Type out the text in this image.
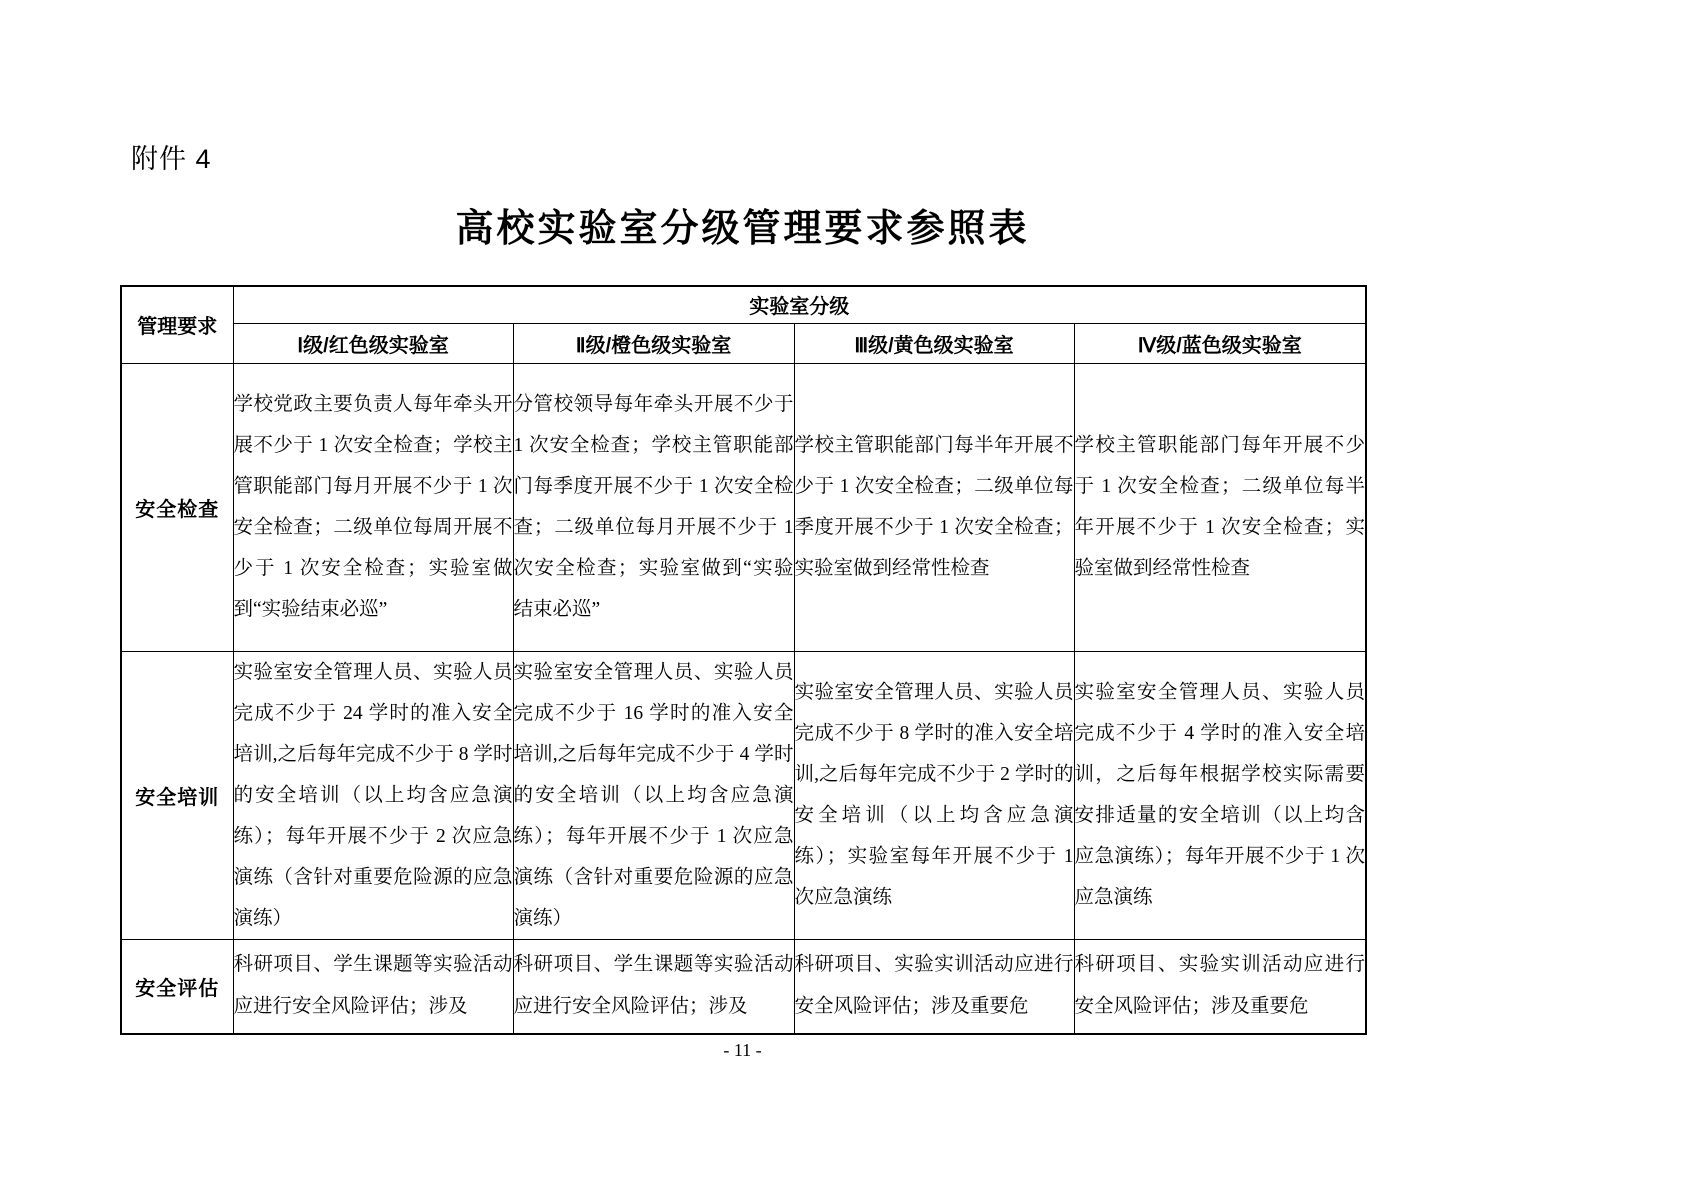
附件 4
高校实验室分级管理要求参照表
管理要求	实验室分级			
	Ⅰ级/红色级实验室	Ⅱ级/橙色级实验室	Ⅲ级/黄色级实验室	Ⅳ级/蓝色级实验室
安全检查	学校党政主要负责人每年牵头开展不少于 1 次安全检查；学校主管职能部门每月开展不少于 1 次安全检查；二级单位每周开展不少于 1 次安全检查；实验室做到“实验结束必巡”	分管校领导每年牵头开展不少于 1 次安全检查；学校主管职能部门每季度开展不少于 1 次安全检查；二级单位每月开展不少于 1 次安全检查；实验室做到“实验结束必巡”	学校主管职能部门每半年开展不少于 1 次安全检查；二级单位每季度开展不少于 1 次安全检查；实验室做到经常性检查	学校主管职能部门每年开展不少于 1 次安全检查；二级单位每半年开展不少于 1 次安全检查；实验室做到经常性检查
安全培训	实验室安全管理人员、实验人员完成不少于 24 学时的准入安全培训,之后每年完成不少于 8 学时的安全培训（以上均含应急演练）；每年开展不少于 2 次应急演练（含针对重要危险源的应急演练）	实验室安全管理人员、实验人员完成不少于 16 学时的准入安全培训,之后每年完成不少于 4 学时的安全培训（以上均含应急演练）；每年开展不少于 1 次应急演练（含针对重要危险源的应急演练）	实验室安全管理人员、实验人员完成不少于 8 学时的准入安全培训,之后每年完成不少于 2 学时的安全培训（以上均含应急演练）；实验室每年开展不少于 1 次应急演练	实验室安全管理人员、实验人员完成不少于 4 学时的准入安全培训，之后每年根据学校实际需要安排适量的安全培训（以上均含应急演练）；每年开展不少于 1 次应急演练
安全评估	科研项目、学生课题等实验活动应进行安全风险评估；涉及	科研项目、学生课题等实验活动应进行安全风险评估；涉及	科研项目、实验实训活动应进行安全风险评估；涉及重要危	科研项目、实验实训活动应进行安全风险评估；涉及重要危
- 11 -
